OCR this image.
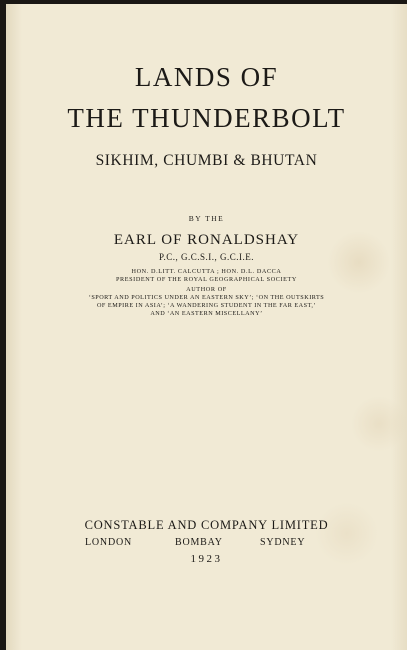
LANDS OF

THE THUNDERBOLT

SIKHIM, CHUMBI & BHUTAN

BY THE

EARL OF RONALDSHAY

P.C., G.C.S.I., G.C.I.E.

HON. D.LITT. CALCUTTA ; HON. D.L. DACCA

PRESIDENT OF THE ROYAL GEOGRAPHICAL SOCIETY

AUTHOR OF

‘SPORT AND POLITICS UNDER AN EASTERN SKY’; ‘ON THE OUTSKIRTS

OF EMPIRE IN ASIA’; ‘A WANDERING STUDENT IN THE FAR EAST,’

AND ‘AN EASTERN MISCELLANY’

CONSTABLE AND COMPANY LIMITED

LONDON	BOMBAY	SYDNEY

1923
